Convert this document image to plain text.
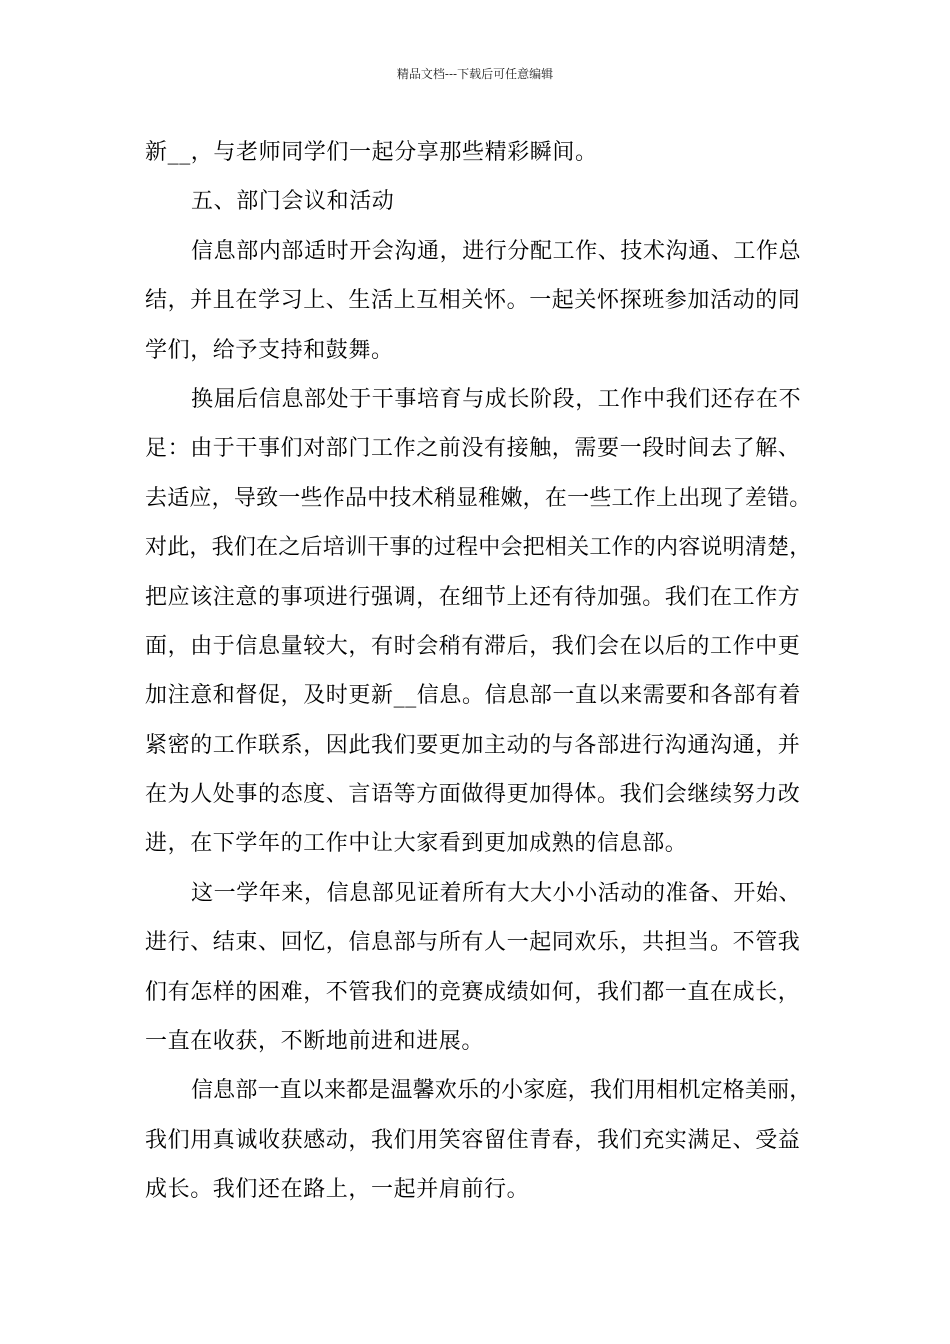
精品文档---下载后可任意编辑
新__，与老师同学们一起分享那些精彩瞬间。
五、部门会议和活动
信息部内部适时开会沟通，进行分配工作、技术沟通、工作总
结，并且在学习上、生活上互相关怀。一起关怀探班参加活动的同
学们，给予支持和鼓舞。
换届后信息部处于干事培育与成长阶段，工作中我们还存在不
足：由于干事们对部门工作之前没有接触，需要一段时间去了解、
去适应，导致一些作品中技术稍显稚嫩，在一些工作上出现了差错。
对此，我们在之后培训干事的过程中会把相关工作的内容说明清楚，
把应该注意的事项进行强调，在细节上还有待加强。我们在工作方
面，由于信息量较大，有时会稍有滞后，我们会在以后的工作中更
加注意和督促，及时更新__信息。信息部一直以来需要和各部有着
紧密的工作联系，因此我们要更加主动的与各部进行沟通沟通，并
在为人处事的态度、言语等方面做得更加得体。我们会继续努力改
进，在下学年的工作中让大家看到更加成熟的信息部。
这一学年来，信息部见证着所有大大小小活动的准备、开始、
进行、结束、回忆，信息部与所有人一起同欢乐，共担当。不管我
们有怎样的困难，不管我们的竞赛成绩如何，我们都一直在成长，
一直在收获，不断地前进和进展。
信息部一直以来都是温馨欢乐的小家庭，我们用相机定格美丽，
我们用真诚收获感动，我们用笑容留住青春，我们充实满足、受益
成长。我们还在路上，一起并肩前行。
